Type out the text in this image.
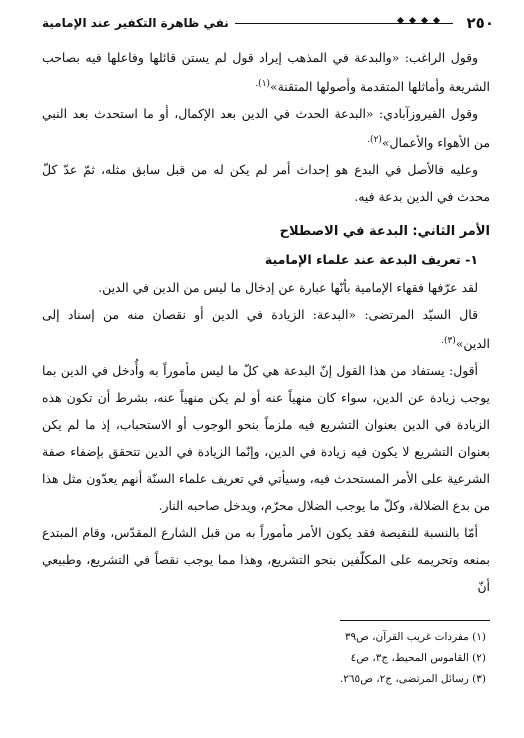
٢٥٠
نفي ظاهرة التكفير عند الإمامية

وقول الراغب: «والبدعة في المذهب إيراد قول لم يستن قائلها وفاعلها فيه بصاحب الشريعة وأماثلها المتقدمة وأصولها المتقنة»$^{(١).}$

وقول الفيروزآبادي: «البدعة الحدث في الدين بعد الإكمال، أو ما استحدث بعد النبي من الأهواء والأعمال»$^{(٢).}$

وعليه فالأصل في البدع هو إحداث أمر لم يكن له من قبل سابق مثله، ثمّ عدّ كلّ محدث في الدين بدعة فيه.

الأمر الثاني: البدعة في الاصطلاح
١- تعريف البدعة عند علماء الإمامية

لقد عرّفها فقهاء الإمامية بأنّها عبارة عن إدخال ما ليس من الدين في الدين.

قال السيّد المرتضى: «البدعة: الزيادة في الدين أو نقصان منه من إسناد إلى الدين»$^{(٣).}$

أقول: يستفاد من هذا القول إنّ البدعة هي كلّ ما ليس مأموراً به وأُدخل في الدين بما يوجب زيادة عن الدين، سواء كان منهياً عنه أو لم يكن منهياً عنه، بشرط أن تكون هذه الزيادة في الدين بعنوان التشريع فيه ملزماً بنحو الوجوب أو الاستحباب، إذ ما لم يكن بعنوان التشريع لا يكون فيه زيادة في الدين، وإنّما الزيادة في الدين تتحقق بإضفاء صفة الشرعية على الأمر المستحدث فيه، وسيأتي في تعريف علماء السنّة أنهم يعدّون مثل هذا من بدع الضلالة، وكلّ ما يوجب الضلال محرّم، ويدخل صاحبه النار.

أمّا بالنسبة للنقيصة فقد يكون الأمر مأموراً به من قبل الشارع المقدّس، وقام المبتدع بمنعه وتحريمه على المكلّفين بنحو التشريع، وهذا مما يوجب نقصاً في التشريع، وطبيعي أنّ

(١) مفردات غريب القرآن، ص٣٩
(٢) القاموس المحيط، ج٣، ص٤
(٣) رسائل المرتضى، ج٢، ص٢٦٥.
